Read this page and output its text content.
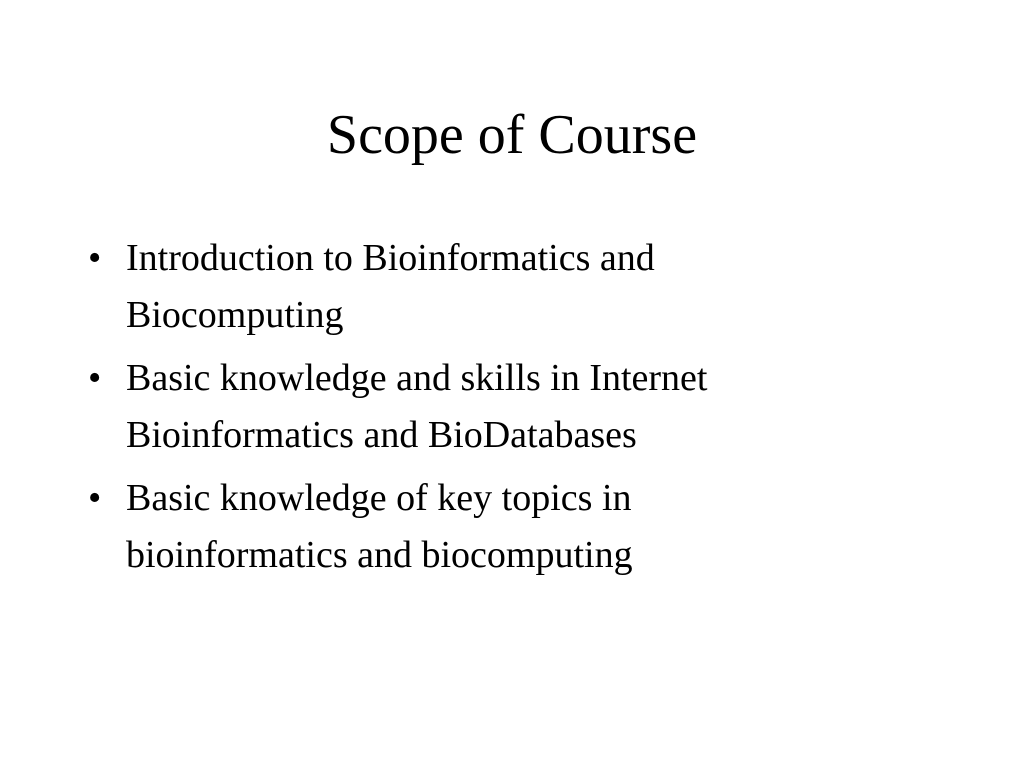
Scope of Course
• Introduction to Bioinformatics and
Biocomputing
• Basic knowledge and skills in Internet
Bioinformatics and BioDatabases
• Basic knowledge of key topics in
bioinformatics and biocomputing
